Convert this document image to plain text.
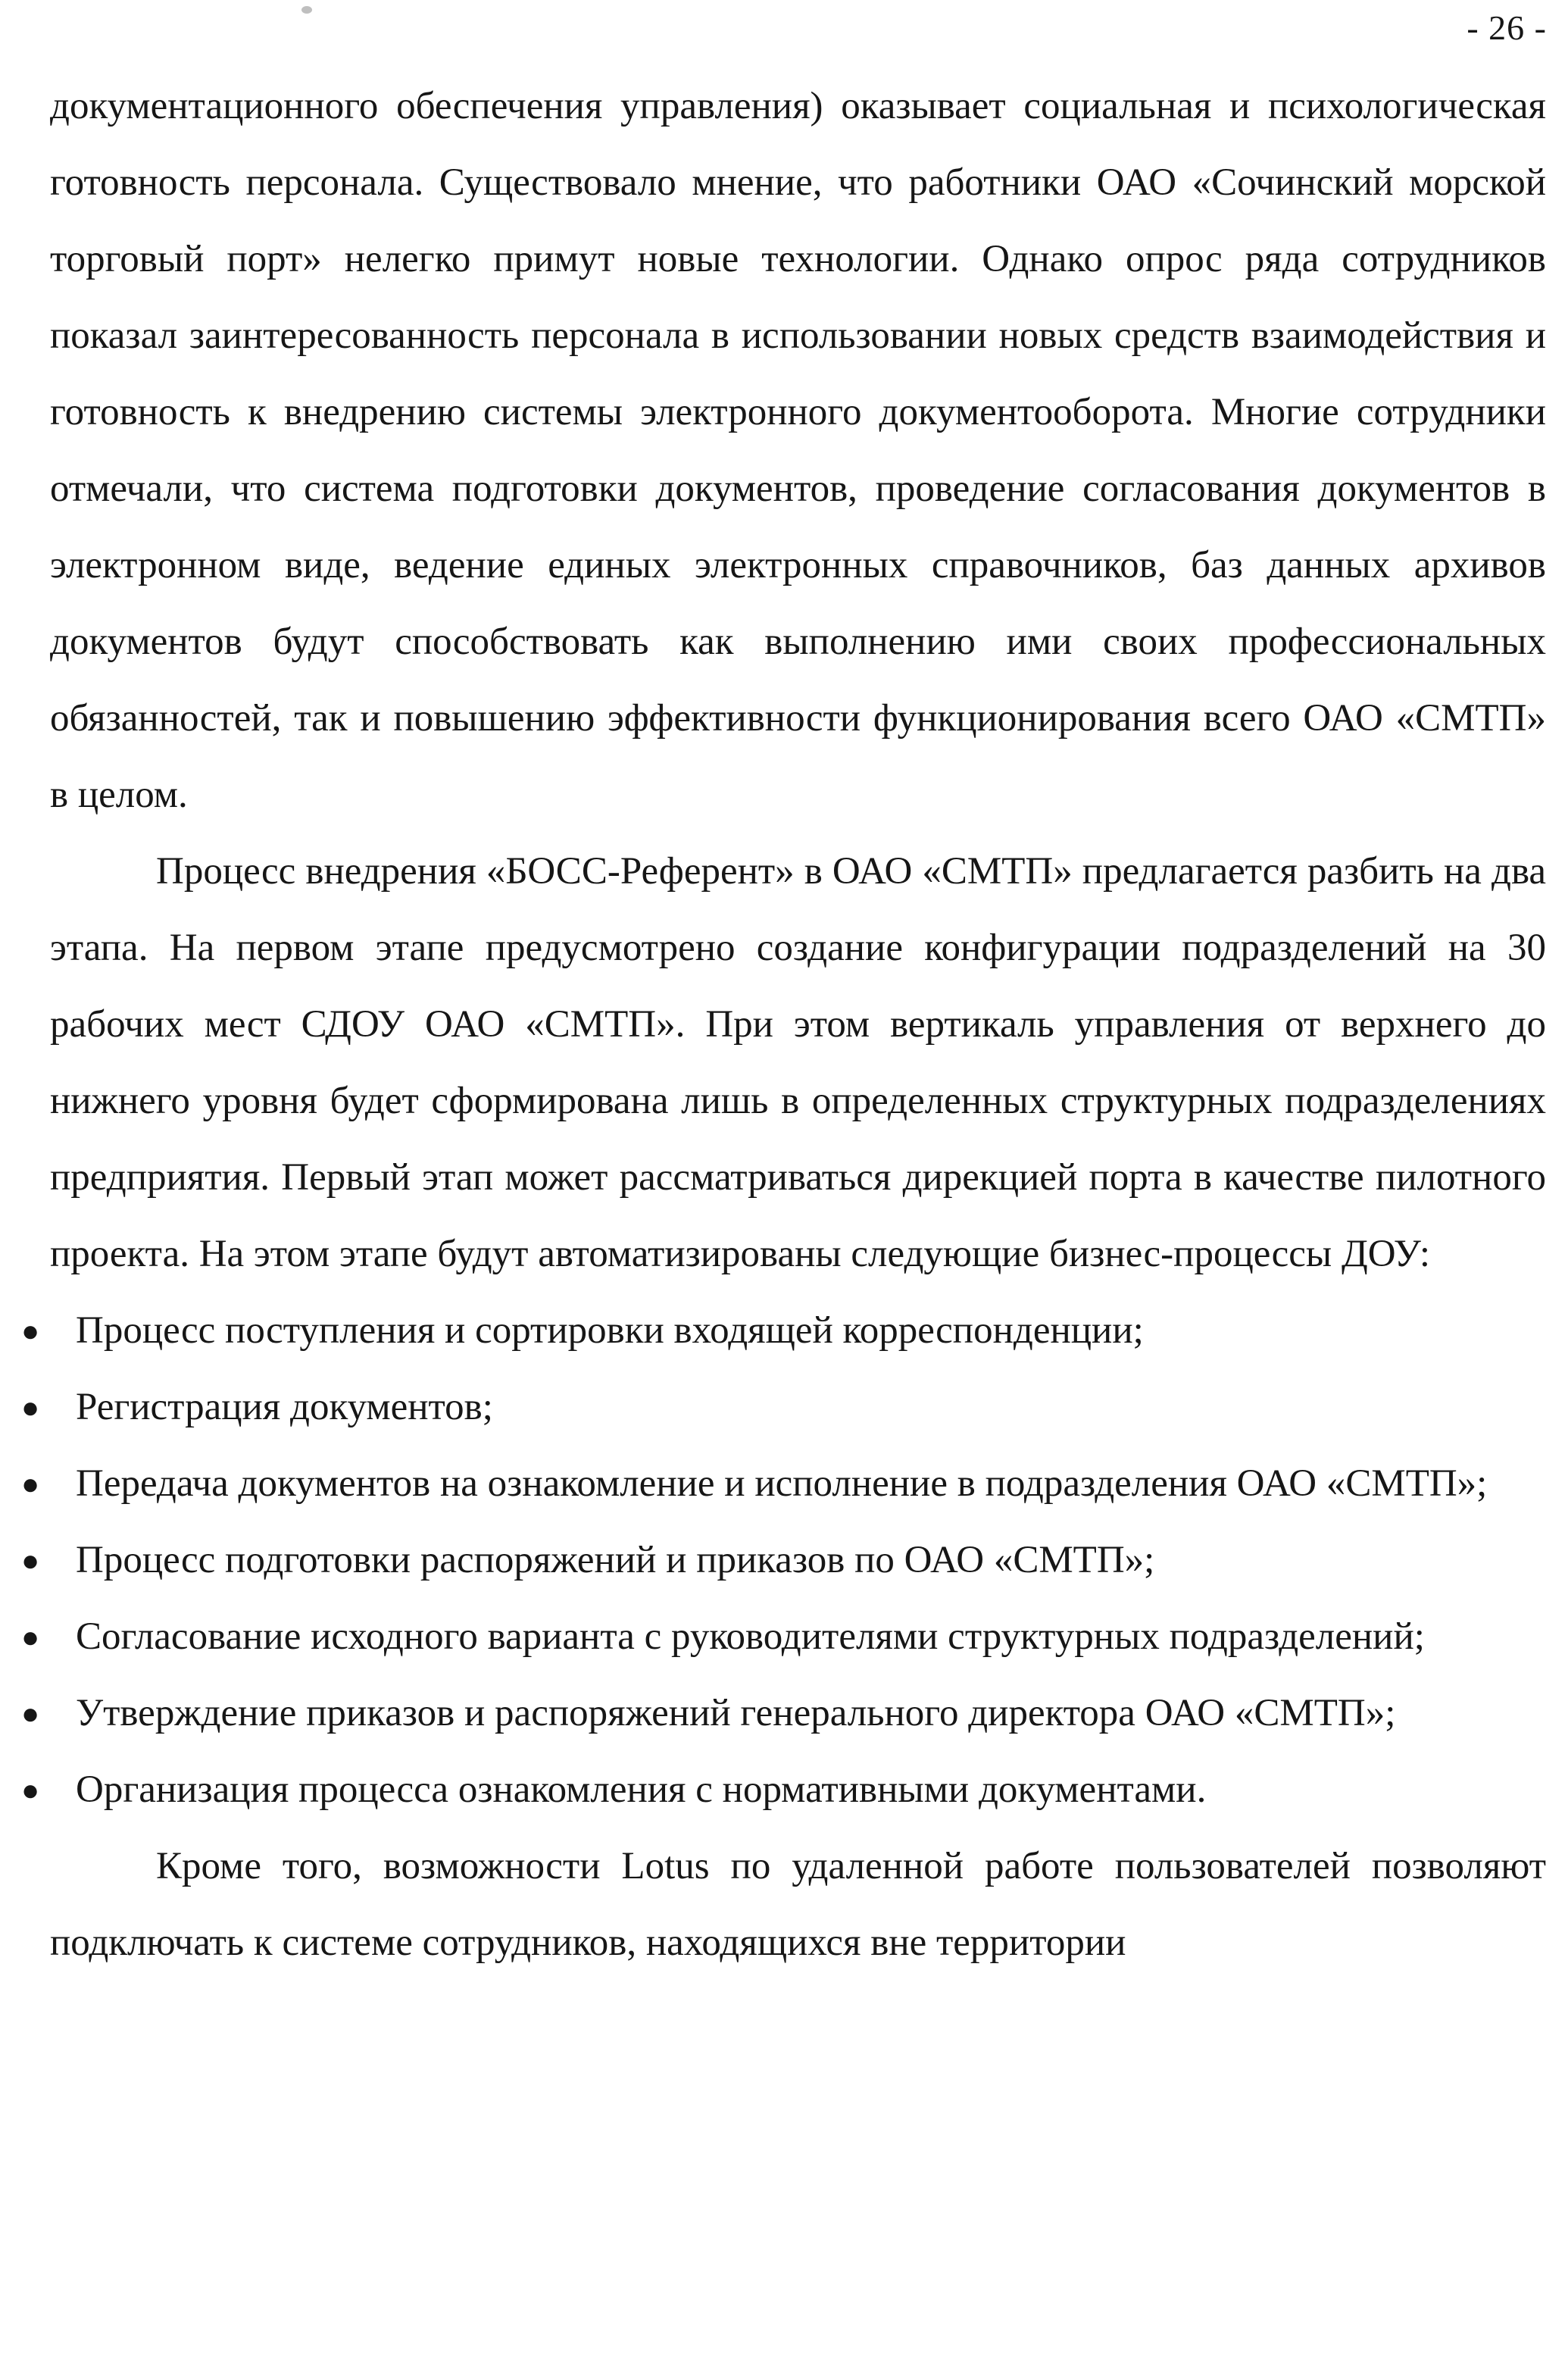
- 26 -

документационного обеспечения управления) оказывает социальная и психологическая готовность персонала. Существовало мнение, что работники ОАО «Сочинский морской торговый порт» нелегко примут новые технологии. Однако опрос ряда сотрудников показал заинтересованность персонала в использовании новых средств взаимодействия и готовность к внедрению системы электронного документооборота. Многие сотрудники отмечали, что система подготовки документов, проведение согласования документов в электронном виде, ведение единых электронных справочников, баз данных архивов документов будут способствовать как выполнению ими своих профессиональных обязанностей, так и повышению эффективности функционирования всего ОАО «СМТП» в целом.

Процесс внедрения «БОСС-Референт» в ОАО «СМТП» предлагается разбить на два этапа. На первом этапе предусмотрено создание конфигурации подразделений на 30 рабочих мест СДОУ ОАО «СМТП». При этом вертикаль управления от верхнего до нижнего уровня будет сформирована лишь в определенных структурных подразделениях предприятия. Первый этап может рассматриваться дирекцией порта в качестве пилотного проекта. На этом этапе будут автоматизированы следующие бизнес-процессы ДОУ:

● Процесс поступления и сортировки входящей корреспонденции;
● Регистрация документов;
● Передача документов на ознакомление и исполнение в подразделения ОАО «СМТП»;
● Процесс подготовки распоряжений и приказов по ОАО «СМТП»;
● Согласование исходного варианта с руководителями структурных подразделений;
● Утверждение приказов и распоряжений генерального директора ОАО «СМТП»;
● Организация процесса ознакомления с нормативными документами.

Кроме того, возможности Lotus по удаленной работе пользователей позволяют подключать к системе сотрудников, находящихся вне территории
